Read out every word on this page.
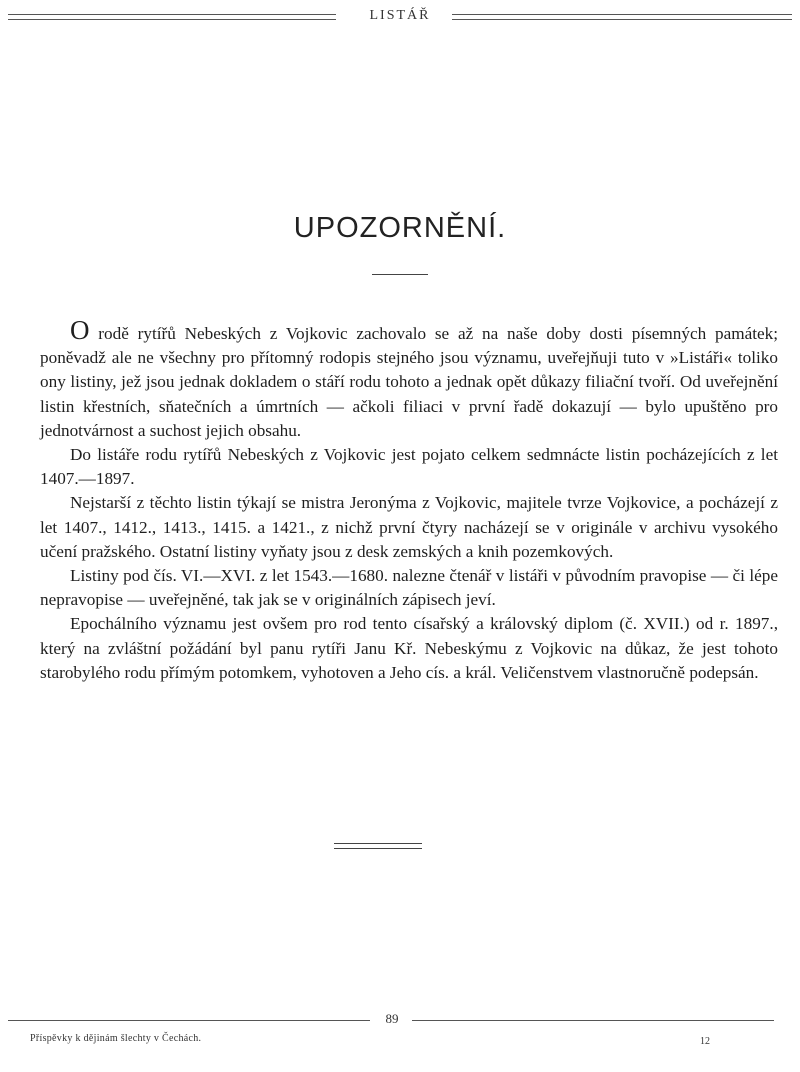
LISTÁŘ
UPOZORNĚNÍ.

O rodě rytířů Nebeských z Vojkovic zachovalo se až na naše doby dosti písemných památek; poněvadž ale ne všechny pro přítomný rodopis stejného jsou významu, uveřejňuji tuto v »Listáři« toliko ony listiny, jež jsou jednak dokladem o stáří rodu tohoto a jednak opět důkazy filiační tvoří. Od uveřejnění listin křestních, sňatečních a úmrtních — ačkoli filiaci v první řadě dokazují — bylo upuštěno pro jednotvárnost a suchost jejich obsahu.

Do listáře rodu rytířů Nebeských z Vojkovic jest pojato celkem sedmnácte listin pocházejících z let 1407.—1897.

Nejstarší z těchto listin týkají se mistra Jeronýma z Vojkovic, majitele tvrze Vojkovice, a pocházejí z let 1407., 1412., 1413., 1415. a 1421., z nichž první čtyry nacházejí se v originále v archivu vysokého učení pražského. Ostatní listiny vyňaty jsou z desk zemských a knih pozemkových.

Listiny pod čís. VI.—XVI. z let 1543.—1680. nalezne čtenář v listáři v původním pravopise — či lépe nepravopise — uveřejněné, tak jak se v originálních zápisech jeví.

Epochálního významu jest ovšem pro rod tento císařský a královský diplom (č. XVII.) od r. 1897., který na zvláštní požádání byl panu rytíři Janu Kř. Nebeskýmu z Vojkovic na důkaz, že jest tohoto starobylého rodu přímým potomkem, vyhotoven a Jeho cís. a král. Veličenstvem vlastnoručně podepsán.

89
Příspěvky k dějinám šlechty v Čechách.	12
